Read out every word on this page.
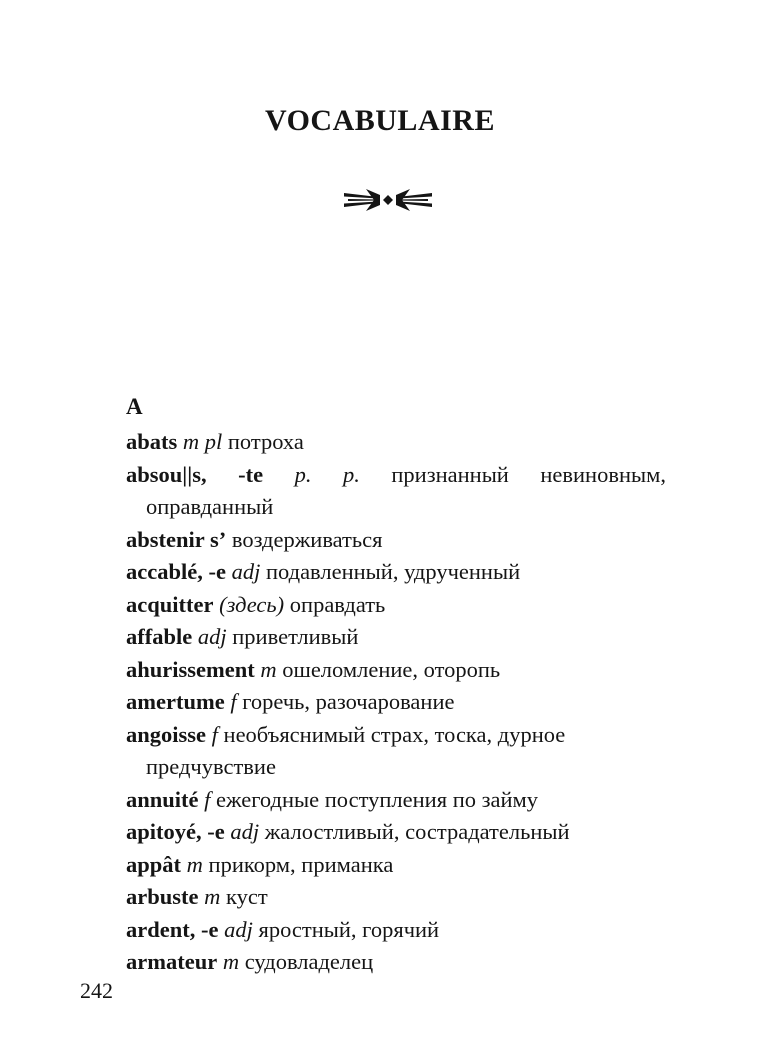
VOCABULAIRE

A

abats m pl потроха
absou||s, -te p. p. признанный невиновным, оправданный
abstenir s’ воздерживаться
accablé, -e adj подавленный, удрученный
acquitter (здесь) оправдать
affable adj приветливый
ahurissement m ошеломление, оторопь
amertume f горечь, разочарование
angoisse f необъяснимый страх, тоска, дурное предчувствие
annuité f ежегодные поступления по займу
apitoyé, -e adj жалостливый, сострадательный
appât m прикорм, приманка
arbuste m куст
ardent, -e adj яростный, горячий
armateur m судовладелец

242
